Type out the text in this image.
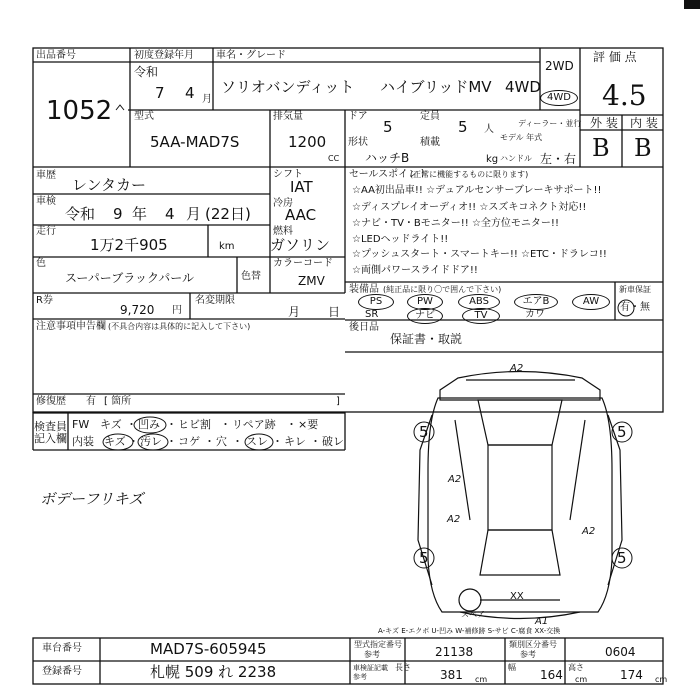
出品番号
1052
初度登録年月
令和
7 4 月
車名・グレード
ソリオバンディット ハイブリッドMV 4WD
2WD
4WD
型式
5AA-MAD7S
排気量
1200
CC
ドア
5
定員
5 人
ディーラー・並行
形状
ハッチB
積載	モデル 年式
kg ハンドル 左・右
評 価 点
4.5
外 装 内 装
B B
車歴
レンタカー
車検
令和 9 年 4 月 (22日)
走行
1万2千905	km
シフト
IAT
冷房
AAC
燃料
ガソリン
色
スーパーブラックパール	色替
カラーコード
ZMV
R券
9,720 円
名変期限
月 日
注意事項申告欄 (不具合内容は具体的に記入して下さい)
修復歴 有 [ 箇所	]
セールスポイント
(正常に機能するものに限ります)
☆AA初出品車!! ☆デュアルセンサーブレーキサポート!!
☆ディスプレイオーディオ!! ☆スズキコネクト対応!!
☆ナビ・TV・Bモニター!! ☆全方位モニター!!
☆LEDヘッドライト!!
☆プッシュスタート・スマートキー!! ☆ETC・ドラレコ!!
☆両側パワースライドドア!!
装備品 (純正品に限り〇で囲んで下さい)
PS	PW	ABS	エアB	AW
SR	ナビ	TV	カワ
新車保証
有・無
後日品
保証書・取説
検査員
記入欄
FW キズ ・ 凹み ・ ヒビ割 ・ リペア跡 ・ ×要
内装 キズ ・ 汚レ ・ コゲ ・ 穴 ・ スレ ・ キレ ・ 破レ
ボデーフリキズ
A2
5	5
A2
A2
A2
5	5
XX
A1
スペア
A-キズ E-エクボ U-凹み W-補修跡 S-サビ C-腐食 XX-交換
車台番号	MAD7S-605945
登録番号	札幌 509 れ 2238
型式指定番号
参考	21138
類別区分番号
参考	0604
車検証記載
参考
長さ
381 cm
幅
164 cm
高さ
174 cm
